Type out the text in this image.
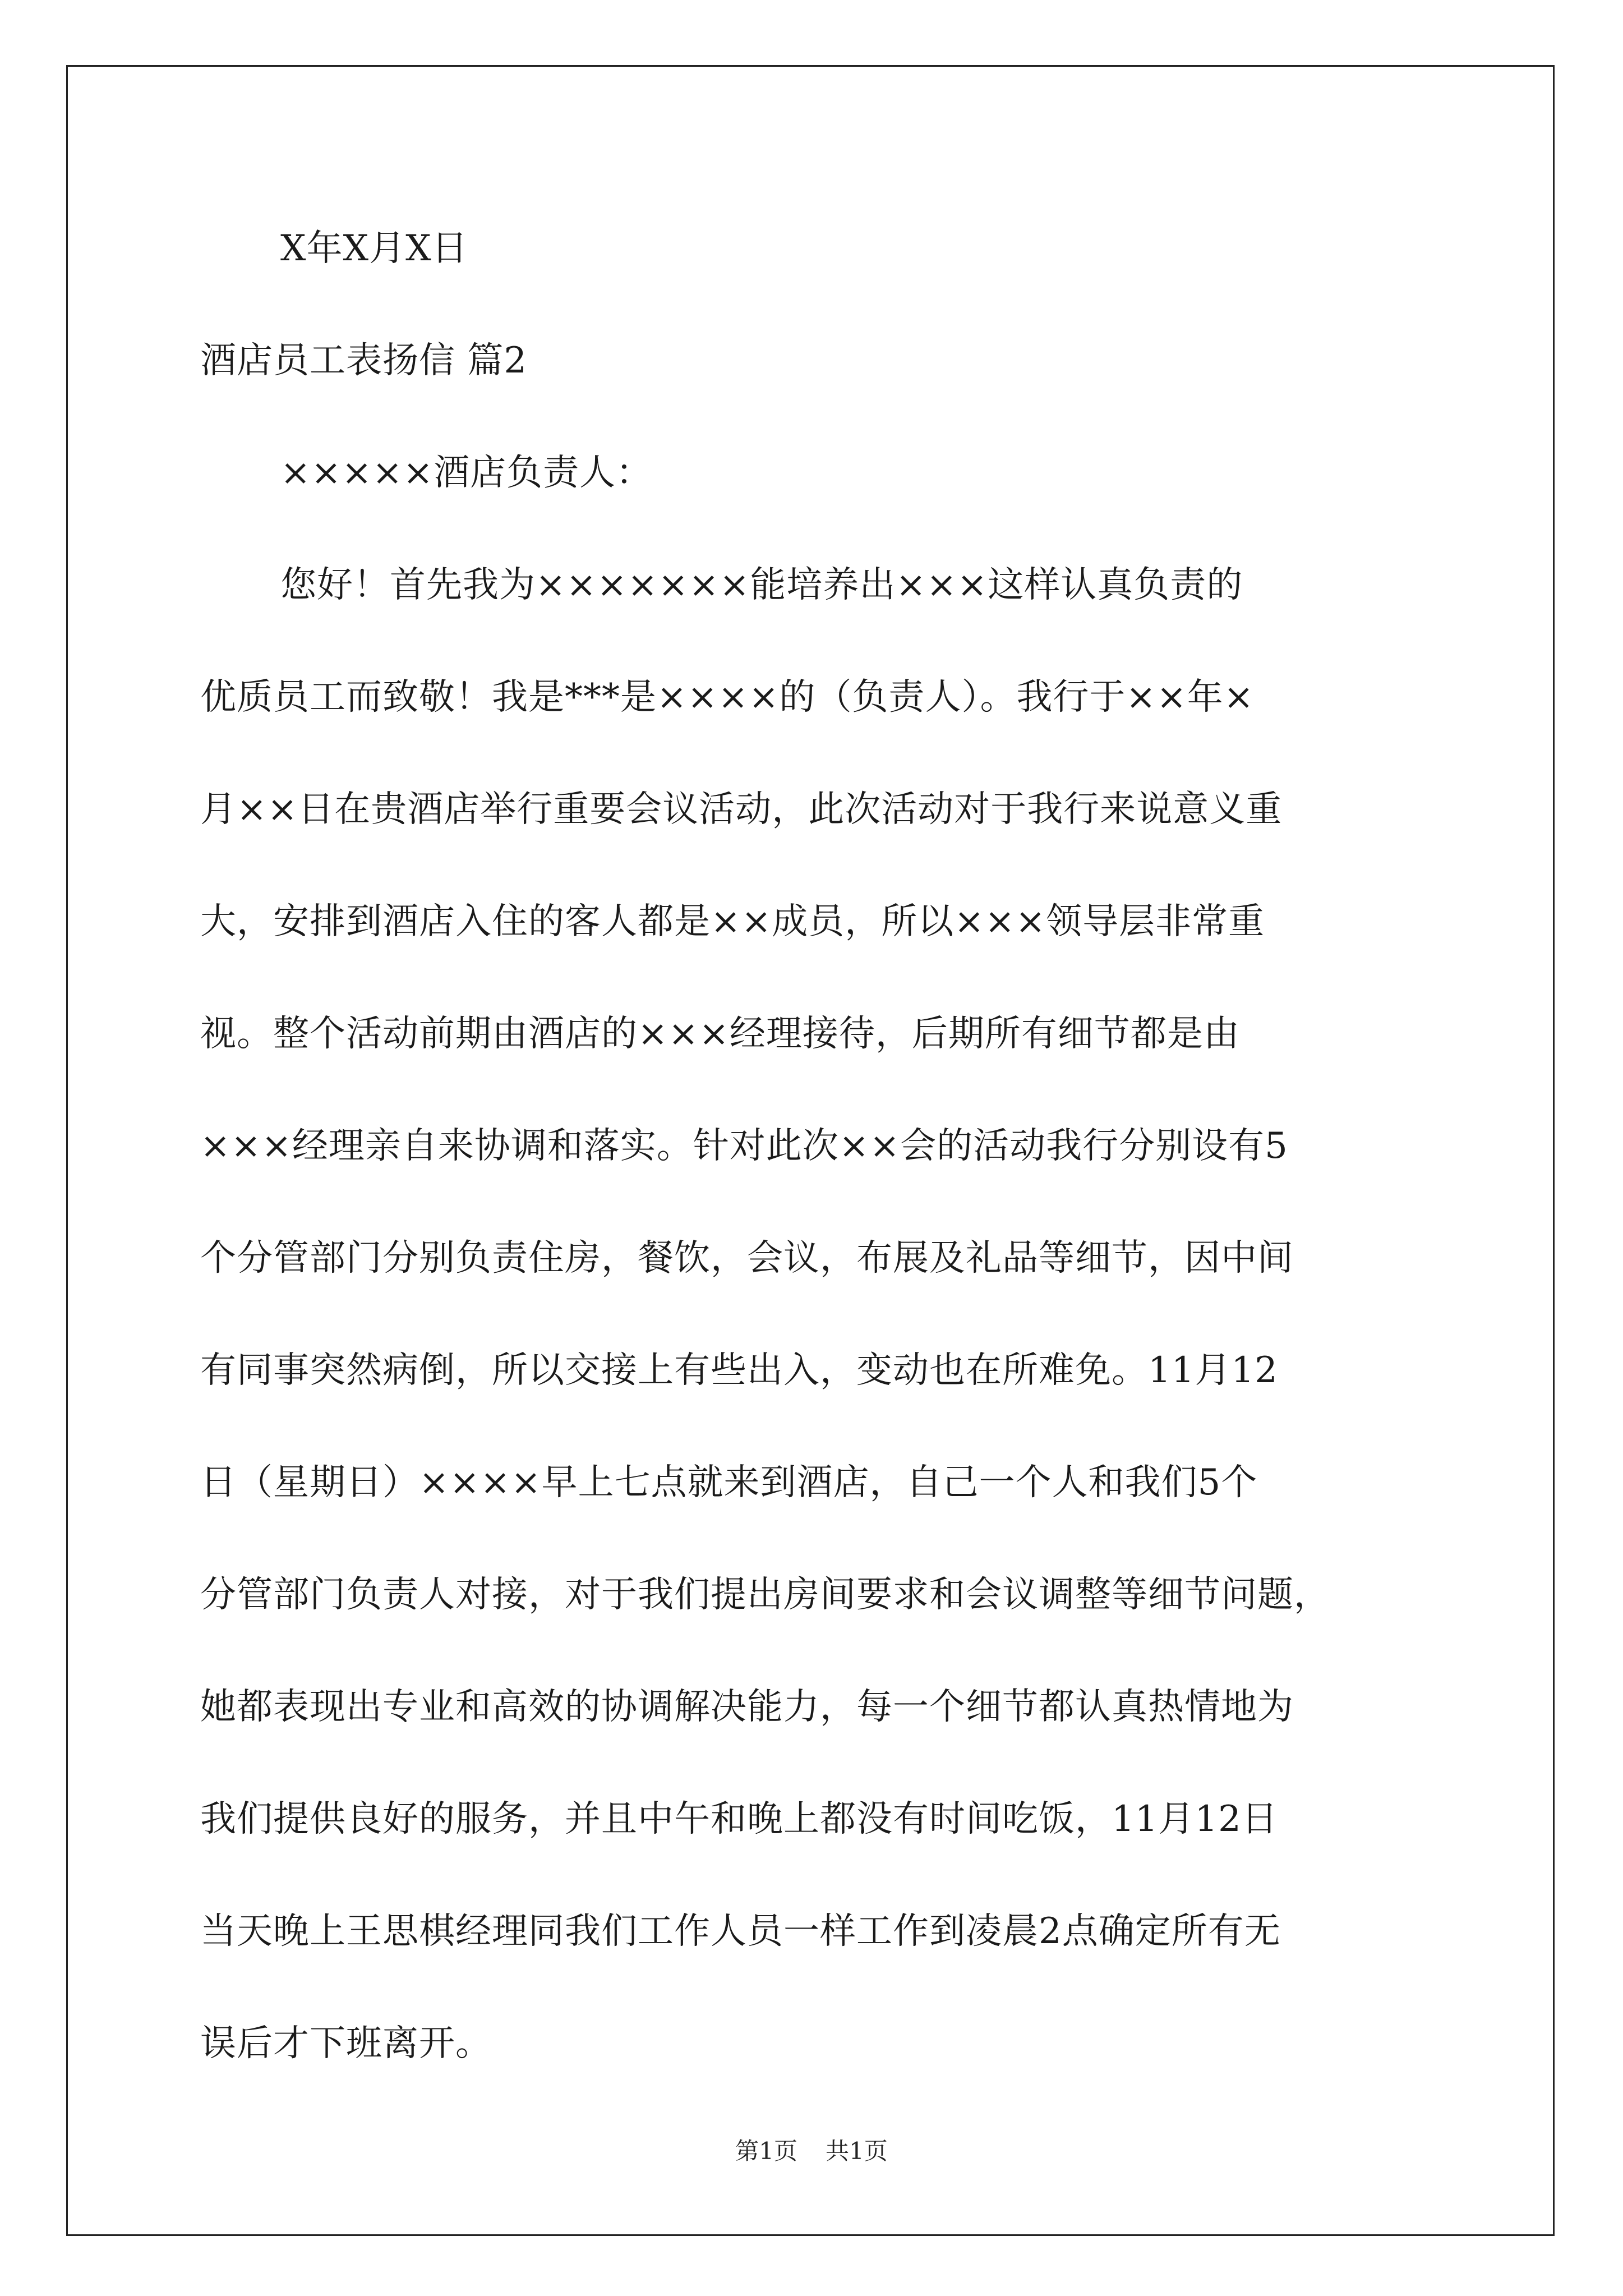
X年X月X日
酒店员工表扬信 篇2
×××××酒店负责人：
您好！首先我为×××××××能培养出×××这样认真负责的
优质员工而致敬！我是***是××××的（负责人）。我行于××年×
月××日在贵酒店举行重要会议活动，此次活动对于我行来说意义重
大，安排到酒店入住的客人都是××成员，所以×××领导层非常重
视。整个活动前期由酒店的×××经理接待，后期所有细节都是由
×××经理亲自来协调和落实。针对此次××会的活动我行分别设有5
个分管部门分别负责住房，餐饮，会议，布展及礼品等细节，因中间
有同事突然病倒，所以交接上有些出入，变动也在所难免。11月12
日（星期日）××××早上七点就来到酒店，自己一个人和我们5个
分管部门负责人对接，对于我们提出房间要求和会议调整等细节问题，
她都表现出专业和高效的协调解决能力，每一个细节都认真热情地为
我们提供良好的服务，并且中午和晚上都没有时间吃饭，11月12日
当天晚上王思棋经理同我们工作人员一样工作到凌晨2点确定所有无
误后才下班离开。
第1页 共1页
